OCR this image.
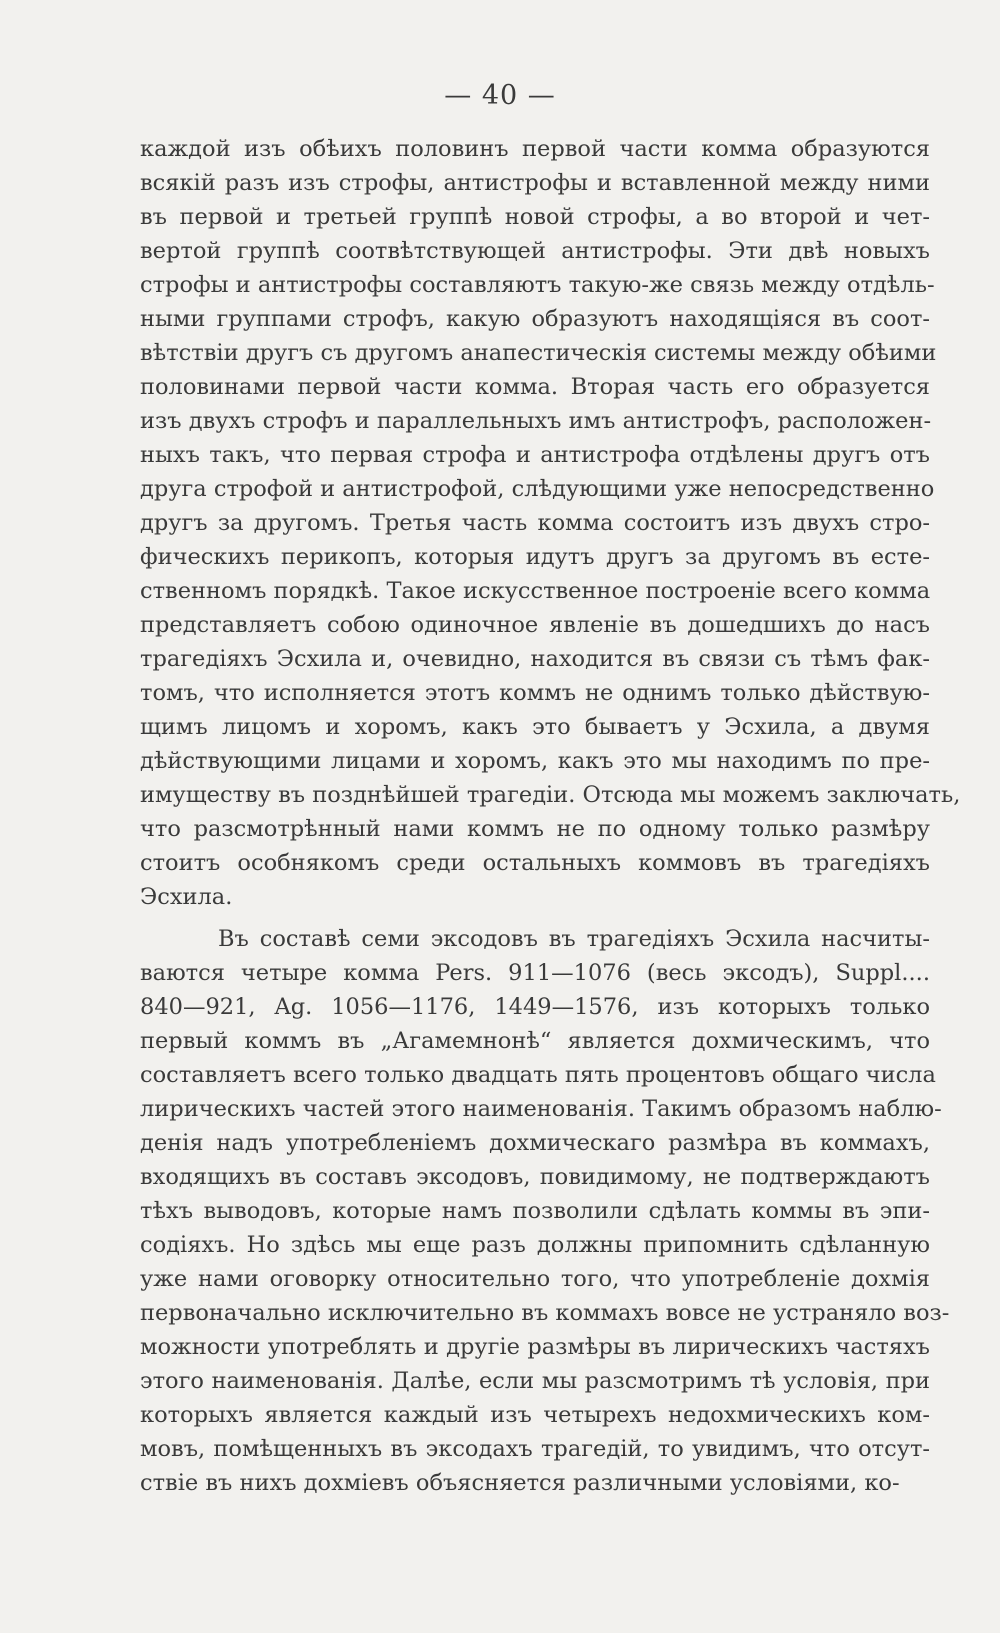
— 40 —
каждой изъ обѣихъ половинъ первой части комма образуются
всякій разъ изъ строфы, антистрофы и вставленной между ними
въ первой и третьей группѣ новой строфы, а во второй и чет-
вертой группѣ соотвѣтствующей антистрофы. Эти двѣ новыхъ
строфы и антистрофы составляютъ такую-же связь между отдѣль-
ными группами строфъ, какую образуютъ находящіяся въ соот-
вѣтствіи другъ съ другомъ анапестическія системы между обѣими
половинами первой части комма. Вторая часть его образуется
изъ двухъ строфъ и параллельныхъ имъ антистрофъ, расположен-
ныхъ такъ, что первая строфа и антистрофа отдѣлены другъ отъ
друга строфой и антистрофой, слѣдующими уже непосредственно
другъ за другомъ. Третья часть комма состоитъ изъ двухъ стро-
фическихъ перикопъ, которыя идутъ другъ за другомъ въ есте-
ственномъ порядкѣ. Такое искусственное построеніе всего комма
представляетъ собою одиночное явленіе въ дошедшихъ до насъ
трагедіяхъ Эсхила и, очевидно, находится въ связи съ тѣмъ фак-
томъ, что исполняется этотъ коммъ не однимъ только дѣйствую-
щимъ лицомъ и хоромъ, какъ это бываетъ у Эсхила, а двумя
дѣйствующими лицами и хоромъ, какъ это мы находимъ по пре-
имуществу въ позднѣйшей трагедіи. Отсюда мы можемъ заключать,
что разсмотрѣнный нами коммъ не по одному только размѣру
стоитъ особнякомъ среди остальныхъ коммовъ въ трагедіяхъ
Эсхила.
Въ составѣ семи эксодовъ въ трагедіяхъ Эсхила насчиты-
ваются четыре комма Pers. 911—1076 (весь эксодъ), Suppl....
840—921, Ag. 1056—1176, 1449—1576, изъ которыхъ только
первый коммъ въ „Агамемнонѣ“ является дохмическимъ, что
составляетъ всего только двадцать пять процентовъ общаго числа
лирическихъ частей этого наименованія. Такимъ образомъ наблю-
денія надъ употребленіемъ дохмическаго размѣра въ коммахъ,
входящихъ въ составъ эксодовъ, повидимому, не подтверждаютъ
тѣхъ выводовъ, которые намъ позволили сдѣлать коммы въ эпи-
содіяхъ. Но здѣсь мы еще разъ должны припомнить сдѣланную
уже нами оговорку относительно того, что употребленіе дохмія
первоначально исключительно въ коммахъ вовсе не устраняло воз-
можности употреблять и другіе размѣры въ лирическихъ частяхъ
этого наименованія. Далѣе, если мы разсмотримъ тѣ условія, при
которыхъ является каждый изъ четырехъ недохмическихъ ком-
мовъ, помѣщенныхъ въ эксодахъ трагедій, то увидимъ, что отсут-
ствіе въ нихъ дохміевъ объясняется различными условіями, ко-
